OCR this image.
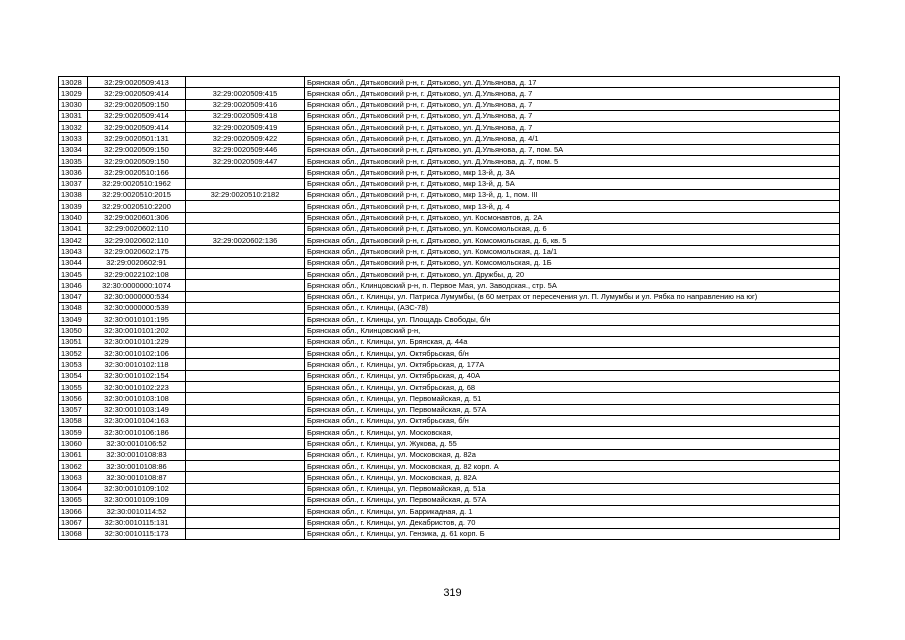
13028	32:29:0020509:413		Брянская обл., Дятьковский р-н, г. Дятьково, ул. Д.Ульянова, д. 17
13029	32:29:0020509:414	32:29:0020509:415	Брянская обл., Дятьковский р-н, г. Дятьково, ул. Д.Ульянова, д. 7
13030	32:29:0020509:150	32:29:0020509:416	Брянская обл., Дятьковский р-н, г. Дятьково, ул. Д.Ульянова, д. 7
13031	32:29:0020509:414	32:29:0020509:418	Брянская обл., Дятьковский р-н, г. Дятьково, ул. Д.Ульянова, д. 7
13032	32:29:0020509:414	32:29:0020509:419	Брянская обл., Дятьковский р-н, г. Дятьково, ул. Д.Ульянова, д. 7
13033	32:29:0020501:131	32:29:0020509:422	Брянская обл., Дятьковский р-н, г. Дятьково, ул. Д.Ульянова, д. 4/1
13034	32:29:0020509:150	32:29:0020509:446	Брянская обл., Дятьковский р-н, г. Дятьково, ул. Д.Ульянова, д. 7, пом. 5А
13035	32:29:0020509:150	32:29:0020509:447	Брянская обл., Дятьковский р-н, г. Дятьково, ул. Д.Ульянова, д. 7, пом. 5
13036	32:29:0020510:166		Брянская обл., Дятьковский р-н, г. Дятьково, мкр 13-й, д. 3А
13037	32:29:0020510:1962		Брянская обл., Дятьковский р-н, г. Дятьково, мкр 13-й, д. 5А
13038	32:29:0020510:2015	32:29:0020510:2182	Брянская обл., Дятьковский р-н, г. Дятьково, мкр 13-й, д. 1, пом. III
13039	32:29:0020510:2200		Брянская обл., Дятьковский р-н, г. Дятьково, мкр 13-й, д. 4
13040	32:29:0020601:306		Брянская обл., Дятьковский р-н, г. Дятьково, ул. Космонавтов, д. 2А
13041	32:29:0020602:110		Брянская обл., Дятьковский р-н, г. Дятьково, ул. Комсомольская, д. 6
13042	32:29:0020602:110	32:29:0020602:136	Брянская обл., Дятьковский р-н, г. Дятьково, ул. Комсомольская, д. 6, кв. 5
13043	32:29:0020602:175		Брянская обл., Дятьковский р-н, г. Дятьково, ул. Комсомольская, д. 1а/1
13044	32:29:0020602:91		Брянская обл., Дятьковский р-н, г. Дятьково, ул. Комсомольская, д. 1Б
13045	32:29:0022102:108		Брянская обл., Дятьковский р-н, г. Дятьково, ул. Дружбы, д. 20
13046	32:30:0000000:1074		Брянская обл., Клинцовский р-н, п. Первое Мая, ул. Заводская., стр. 5А
13047	32:30:0000000:534		Брянская обл., г. Клинцы, ул. Патриса Лумумбы, (в 60 метрах от пересечения ул. П. Лумумбы и ул. Рябка по направлению на юг)
13048	32:30:0000000:539		Брянская обл., г. Клинцы, (АЗС-78)
13049	32:30:0010101:195		Брянская обл., г. Клинцы, ул. Площадь Свободы, б/н
13050	32:30:0010101:202		Брянская обл., Клинцовский р-н,
13051	32:30:0010101:229		Брянская обл., г. Клинцы, ул. Брянская, д. 44а
13052	32:30:0010102:106		Брянская обл., г. Клинцы, ул. Октябрьская, б/н
13053	32:30:0010102:118		Брянская обл., г. Клинцы, ул. Октябрьская, д. 177А
13054	32:30:0010102:154		Брянская обл., г. Клинцы, ул. Октябрьская, д. 40А
13055	32:30:0010102:223		Брянская обл., г. Клинцы, ул. Октябрьская, д. 68
13056	32:30:0010103:108		Брянская обл., г. Клинцы, ул. Первомайская, д. 51
13057	32:30:0010103:149		Брянская обл., г. Клинцы, ул. Первомайская, д. 57А
13058	32:30:0010104:163		Брянская обл., г. Клинцы, ул. Октябрьская, б/н
13059	32:30:0010106:186		Брянская обл., г. Клинцы, ул. Московская,
13060	32:30:0010106:52		Брянская обл., г. Клинцы, ул. Жукова, д. 55
13061	32:30:0010108:83		Брянская обл., г. Клинцы, ул. Московская, д. 82а
13062	32:30:0010108:86		Брянская обл., г. Клинцы, ул. Московская, д. 82 корп. А
13063	32:30:0010108:87		Брянская обл., г. Клинцы, ул. Московская, д. 82А
13064	32:30:0010109:102		Брянская обл., г. Клинцы, ул. Первомайская, д. 51а
13065	32:30:0010109:109		Брянская обл., г. Клинцы, ул. Первомайская, д. 57А
13066	32:30:0010114:52		Брянская обл., г. Клинцы, ул. Баррикадная, д. 1
13067	32:30:0010115:131		Брянская обл., г. Клинцы, ул. Декабристов, д. 70
13068	32:30:0010115:173		Брянская обл., г. Клинцы, ул. Гензика, д. 61 корп. Б
319
